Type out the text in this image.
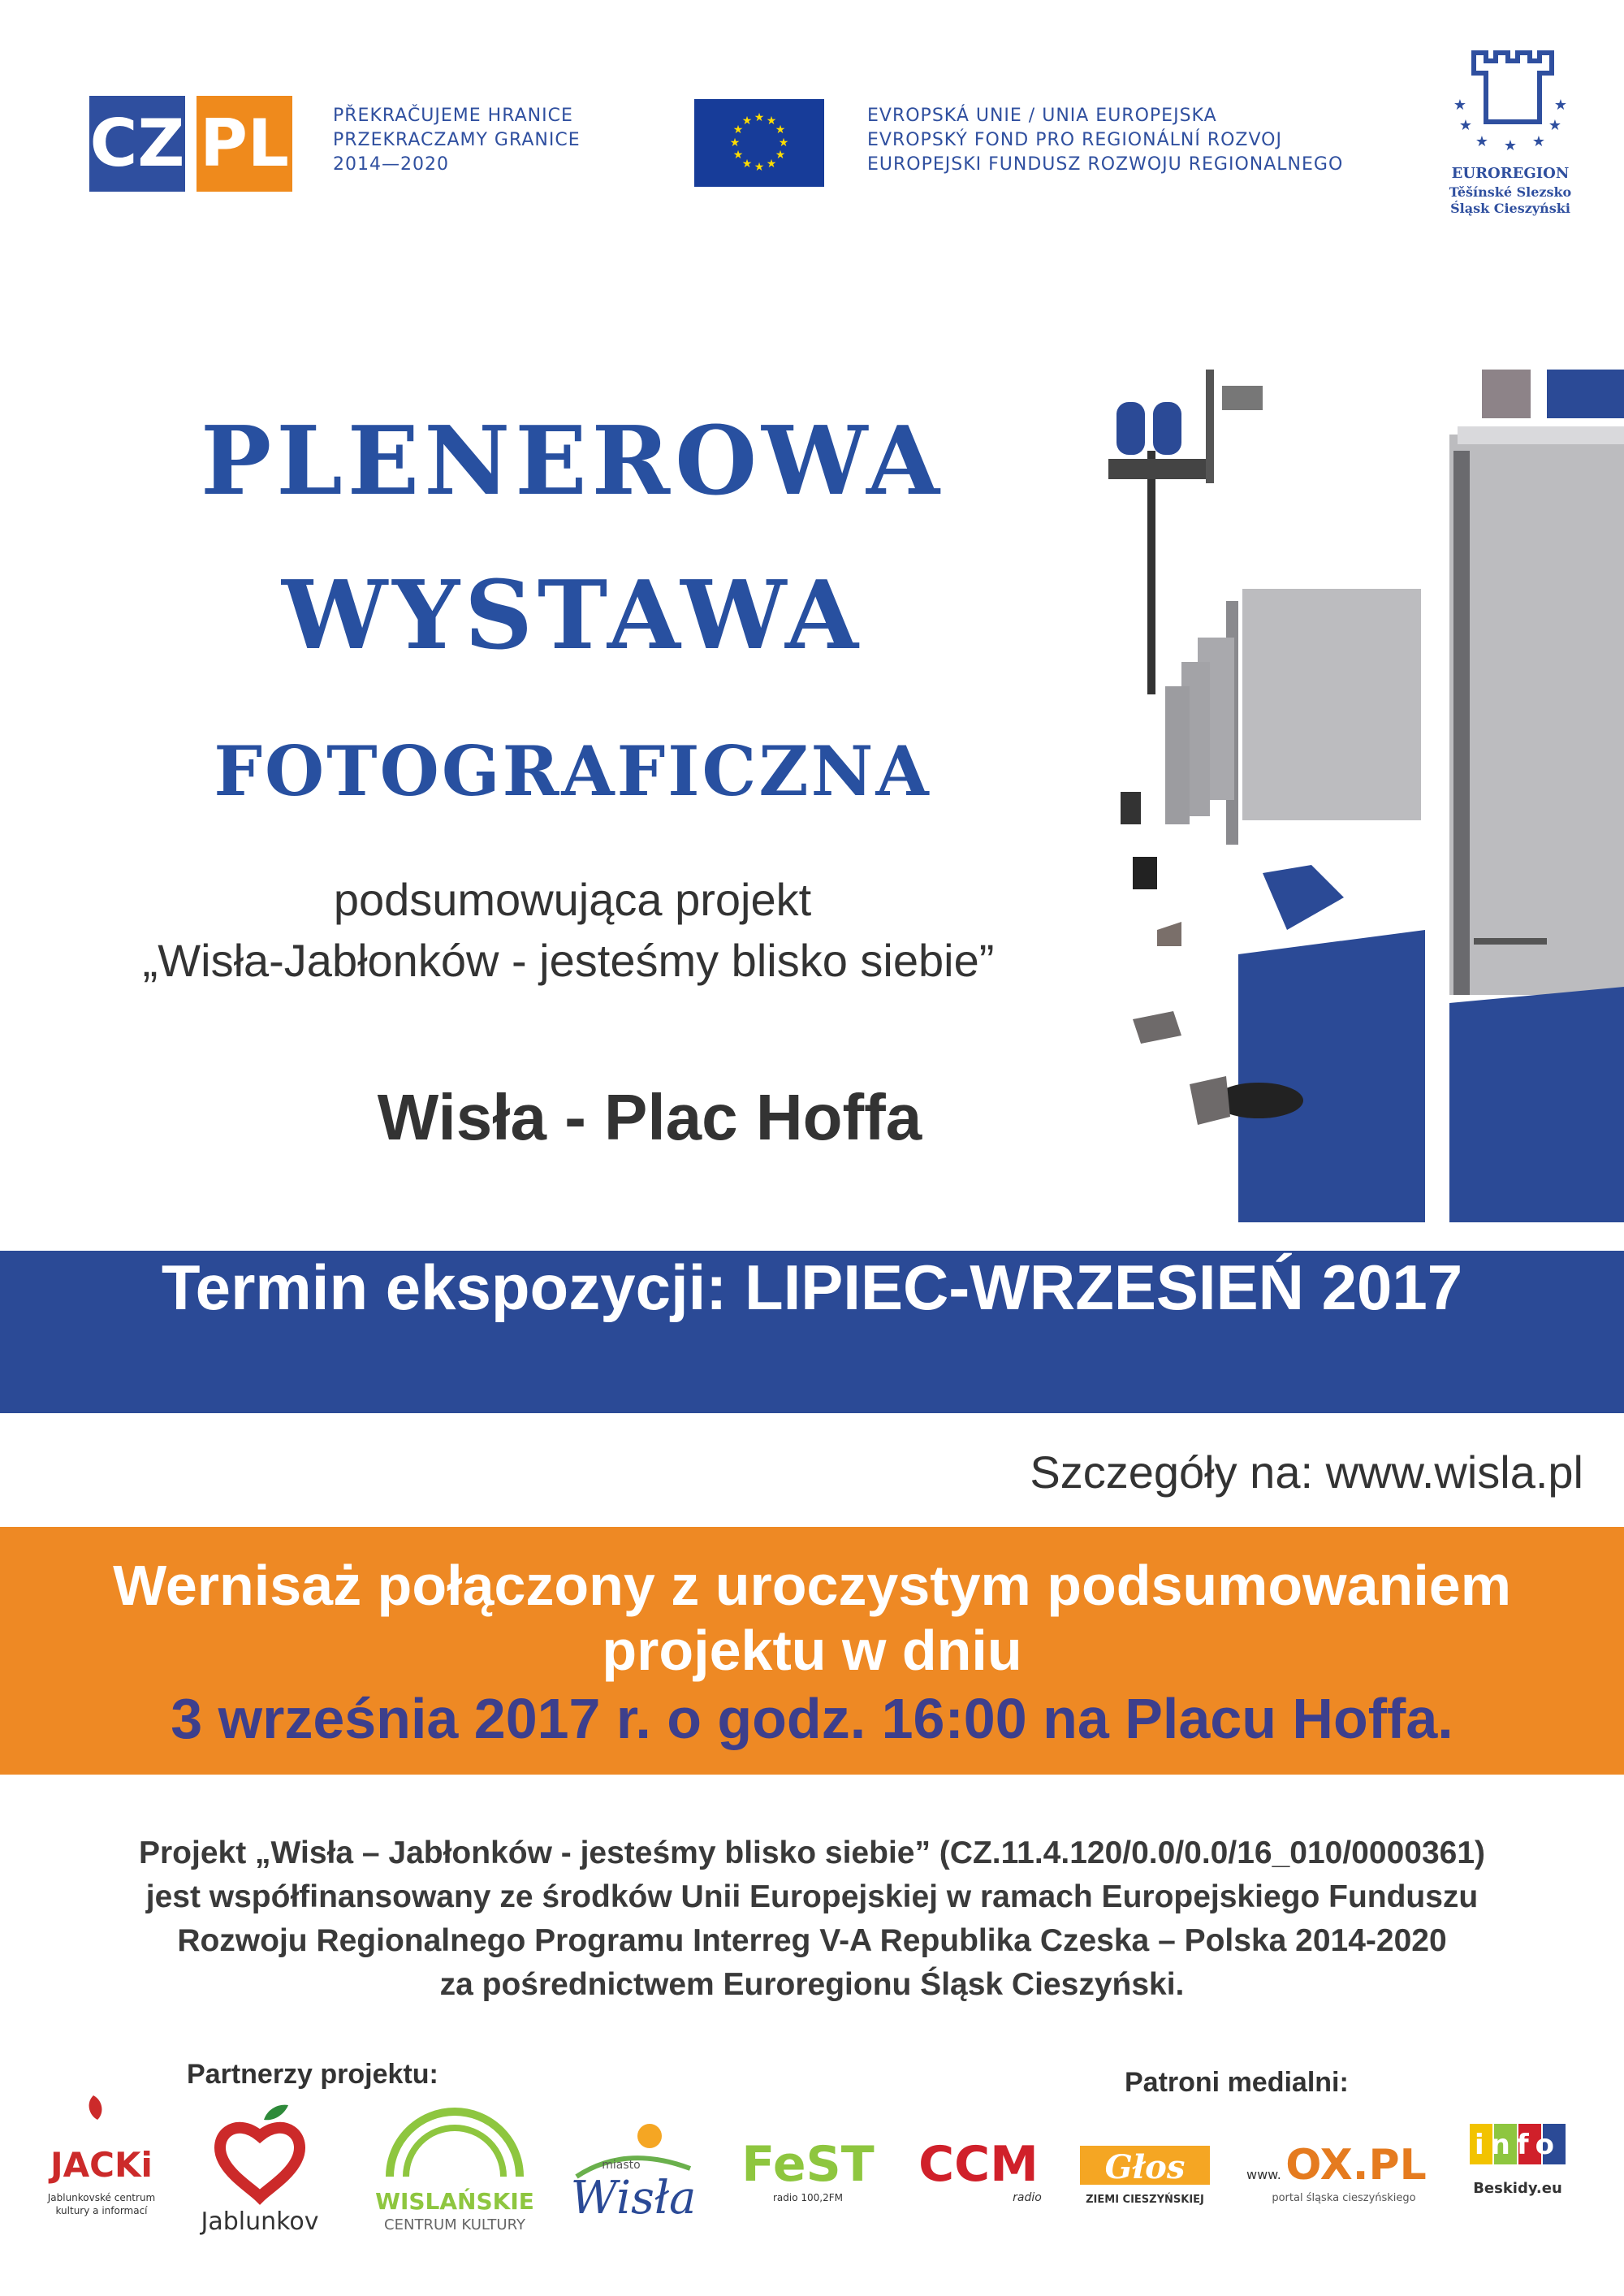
CZ PL PŘEKRAČUJEME HRANICE
PRZEKRACZAMY GRANICE
2014—2020
★ ★
★
★
★
★
★
★
★
★
★
★	EVROPSKÁ UNIE / UNIA EUROPEJSKA
EVROPSKÝ FOND PRO REGIONÁLNÍ ROZVOJ
EUROPEJSKI FUNDUSZ ROZWOJU REGIONALNEGO
★	★
★	★
★ ★ ★
EUROREGION
Těšínské Slezsko
Śląsk Cieszyński
PLENEROWA
WYSTAWA
FOTOGRAFICZNA
podsumowująca projekt
„Wisła-Jabłonków - jesteśmy blisko siebie”
Wisła - Plac Hoffa
Termin ekspozycji: LIPIEC-WRZESIEŃ 2017
Szczegóły na: www.wisla.pl
Wernisaż połączony z uroczystym podsumowaniem
projektu w dniu
3 września 2017 r. o godz. 16:00 na Placu Hoffa.
Projekt „Wisła – Jabłonków - jesteśmy blisko siebie” (CZ.11.4.120/0.0/0.0/16_010/0000361)
jest współfinansowany ze środków Unii Europejskiej w ramach Europejskiego Funduszu
Rozwoju Regionalnego Programu Interreg V-A Republika Czeska – Polska 2014-2020
za pośrednictwem Euroregionu Śląsk Cieszyński.
Partnerzy projektu:	Patroni medialni:
JACKi
Jablunkovské centrum
kultury a informací Jablunkov
WISLAŃSKIE
CENTRUM KULTURY
miasto
Wisła
FeST
radio 100,2FM
CCM
radio
Głos
ZIEMI CIESZYŃSKIEJ
www. OX.PL
portal śląska cieszyńskiego
info
Beskidy.eu
